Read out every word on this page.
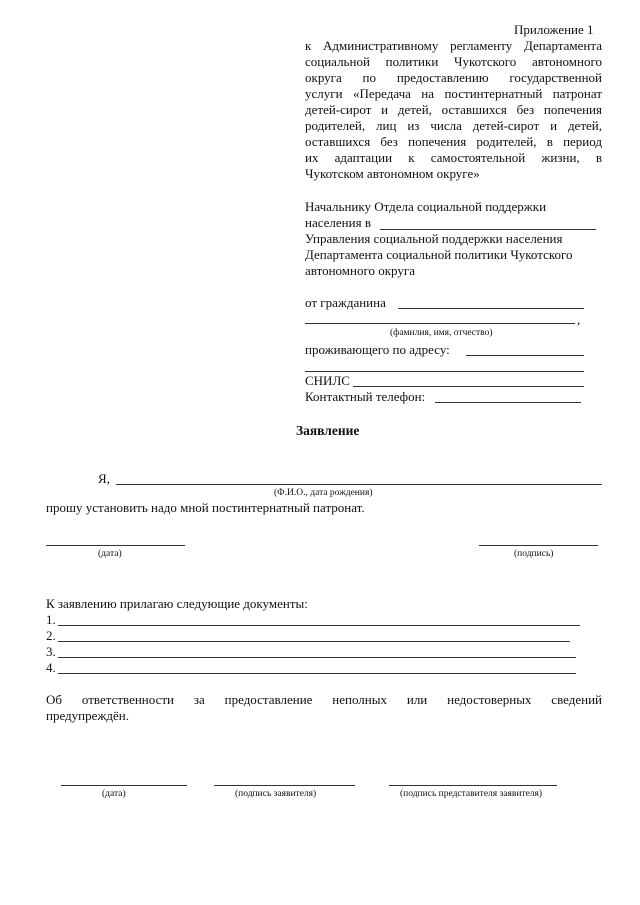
Приложение 1
к Административному регламенту Департамента
социальной политики Чукотского автономного
округа по предоставлению государственной
услуги «Передача на постинтернатный патронат
детей-сирот и детей, оставшихся без попечения
родителей, лиц из числа детей-сирот и детей,
оставшихся без попечения родителей, в период
их адаптации к самостоятельной жизни, в
Чукотском автономном округе»
Начальнику Отдела социальной поддержки
населения в
Управления социальной поддержки населения
Департамента социальной политики Чукотского
автономного округа
от гражданина
,
(фамилия, имя, отчество)
проживающего по адресу:
СНИЛС
Контактный телефон:
Заявление
Я,
(Ф.И.О., дата рождения)
прошу установить надо мной постинтернатный патронат.
(дата)	(подпись)
К заявлению прилагаю следующие документы:
1.
2.
3.
4.
Об ответственности за предоставление неполных или недостоверных сведений
предупреждён.
(дата)	(подпись заявителя)	(подпись представителя заявителя)
